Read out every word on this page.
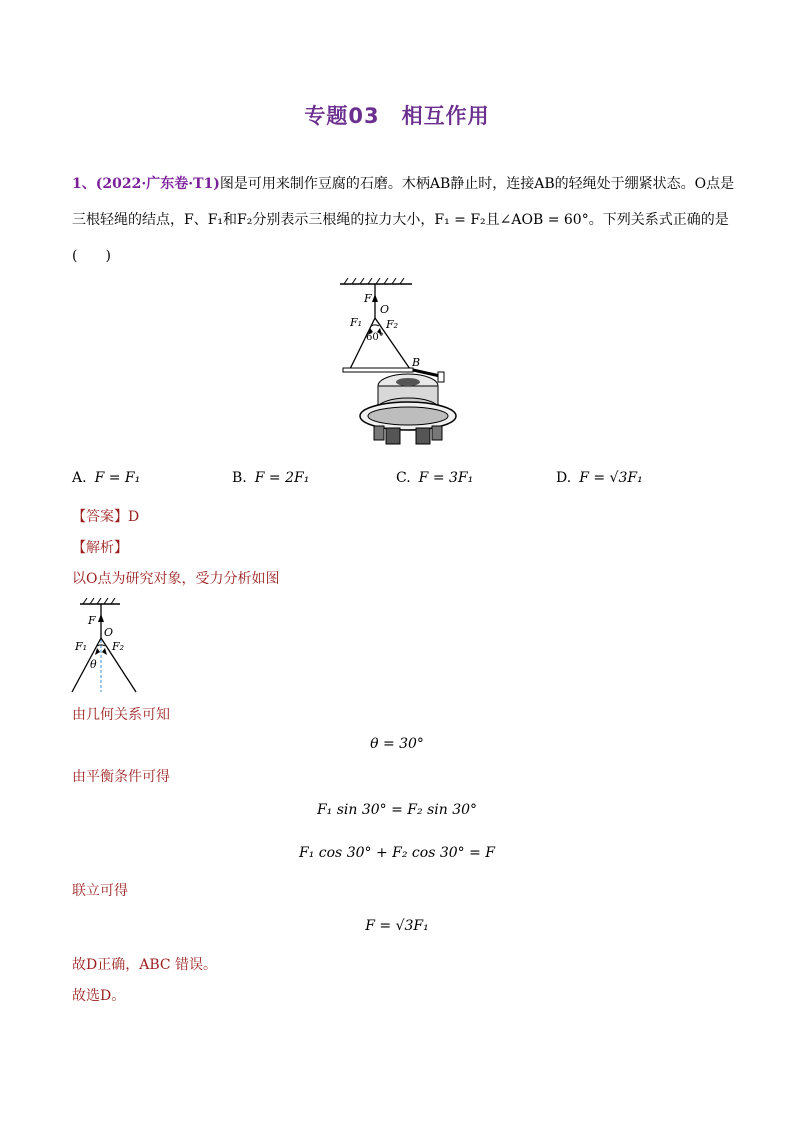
专题03　相互作用
1、(2022·广东卷·T1)图是可用来制作豆腐的石磨。木柄AB静止时，连接AB的轻绳处于绷紧状态。O点是
三根轻绳的结点，F、F₁和F₂分别表示三根绳的拉力大小，F₁ = F₂且∠AOB = 60°。下列关系式正确的是
(　　)
F
O
F₁ F₂
60°
B
A. F = F₁	B. F = 2F₁	C. F = 3F₁	D. F = √3F₁
【答案】D
【解析】
以O点为研究对象，受力分析如图
F
O
F₁ F₂
θ
由几何关系可知
θ = 30°
由平衡条件可得
F₁ sin 30° = F₂ sin 30°
F₁ cos 30° + F₂ cos 30° = F
联立可得
F = √3F₁
故D正确，ABC 错误。
故选D。
